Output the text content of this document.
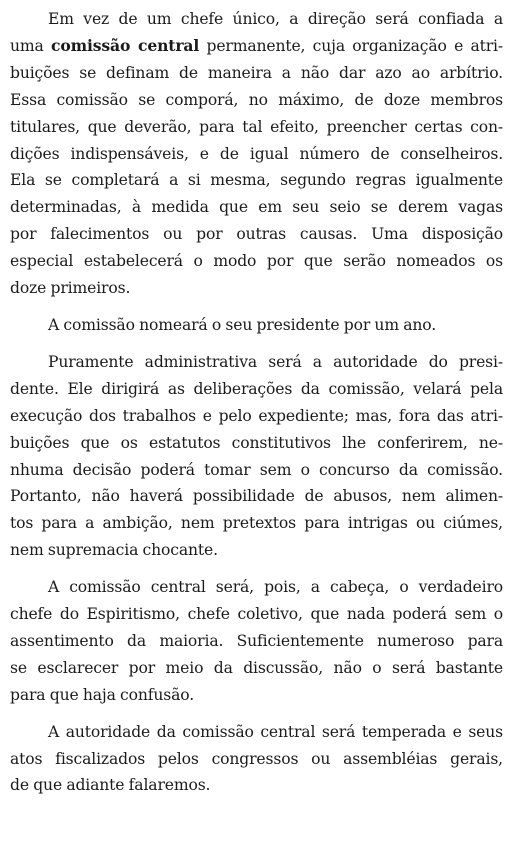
Em vez de um chefe único, a direção será confiada a
uma comissão central permanente, cuja organização e atri-
buições se definam de maneira a não dar azo ao arbítrio.
Essa comissão se comporá, no máximo, de doze membros
titulares, que deverão, para tal efeito, preencher certas con-
dições indispensáveis, e de igual número de conselheiros.
Ela se completará a si mesma, segundo regras igualmente
determinadas, à medida que em seu seio se derem vagas
por falecimentos ou por outras causas. Uma disposição
especial estabelecerá o modo por que serão nomeados os
doze primeiros.
A comissão nomeará o seu presidente por um ano.
Puramente administrativa será a autoridade do presi-
dente. Ele dirigirá as deliberações da comissão, velará pela
execução dos trabalhos e pelo expediente; mas, fora das atri-
buições que os estatutos constitutivos lhe conferirem, ne-
nhuma decisão poderá tomar sem o concurso da comissão.
Portanto, não haverá possibilidade de abusos, nem alimen-
tos para a ambição, nem pretextos para intrigas ou ciúmes,
nem supremacia chocante.
A comissão central será, pois, a cabeça, o verdadeiro
chefe do Espiritismo, chefe coletivo, que nada poderá sem o
assentimento da maioria. Suficientemente numeroso para
se esclarecer por meio da discussão, não o será bastante
para que haja confusão.
A autoridade da comissão central será temperada e seus
atos fiscalizados pelos congressos ou assembléias gerais,
de que adiante falaremos.
